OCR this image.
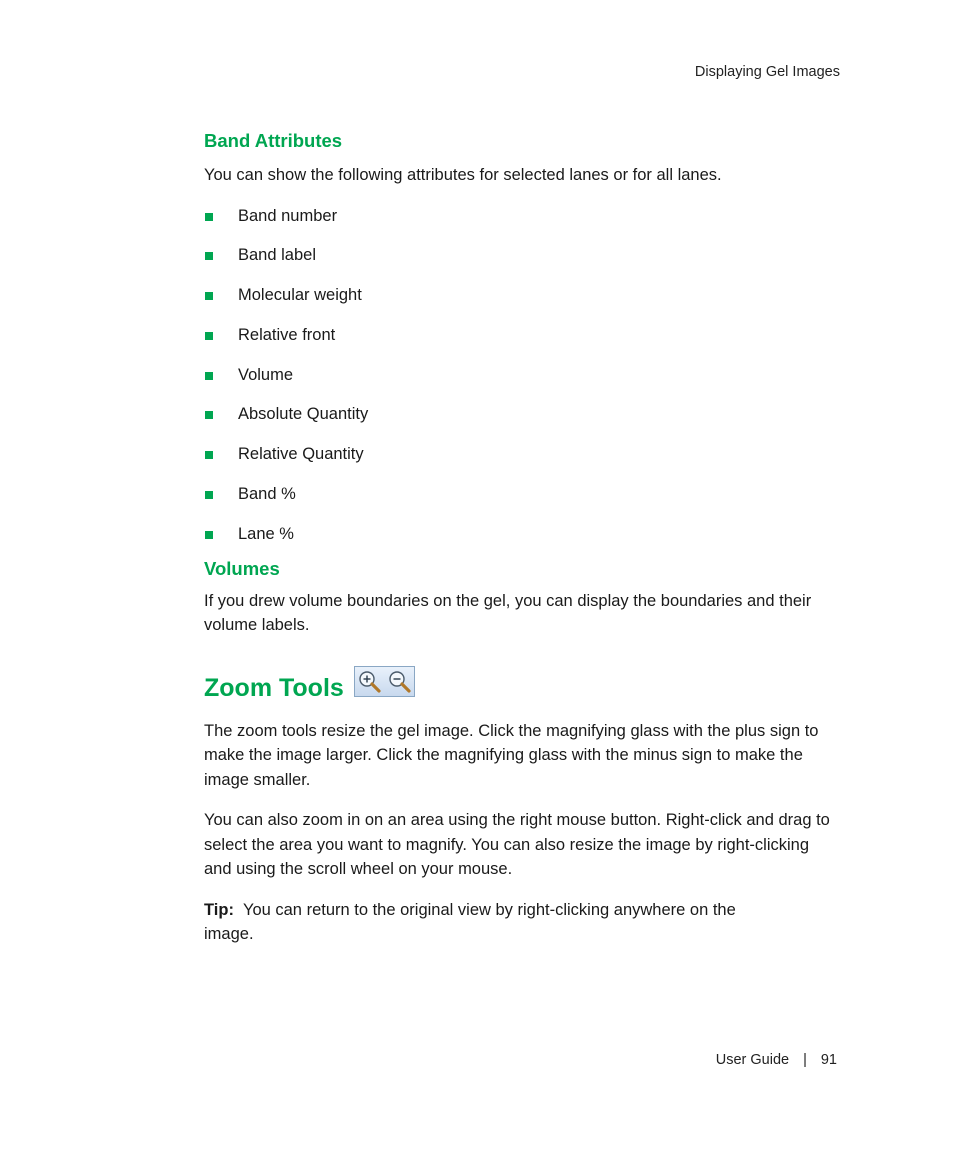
Displaying Gel Images
Band Attributes

You can show the following attributes for selected lanes or for all lanes.

Band number
Band label
Molecular weight
Relative front
Volume
Absolute Quantity
Relative Quantity
Band %
Lane %
Volumes

If you drew volume boundaries on the gel, you can display the boundaries and their volume labels.

Zoom Tools

The zoom tools resize the gel image. Click the magnifying glass with the plus sign to make the image larger. Click the magnifying glass with the minus sign to make the image smaller.

You can also zoom in on an area using the right mouse button. Right-click and drag to select the area you want to magnify. You can also resize the image by right-clicking and using the scroll wheel on your mouse.

Tip: You can return to the original view by right-clicking anywhere on the image.

User Guide | 91
